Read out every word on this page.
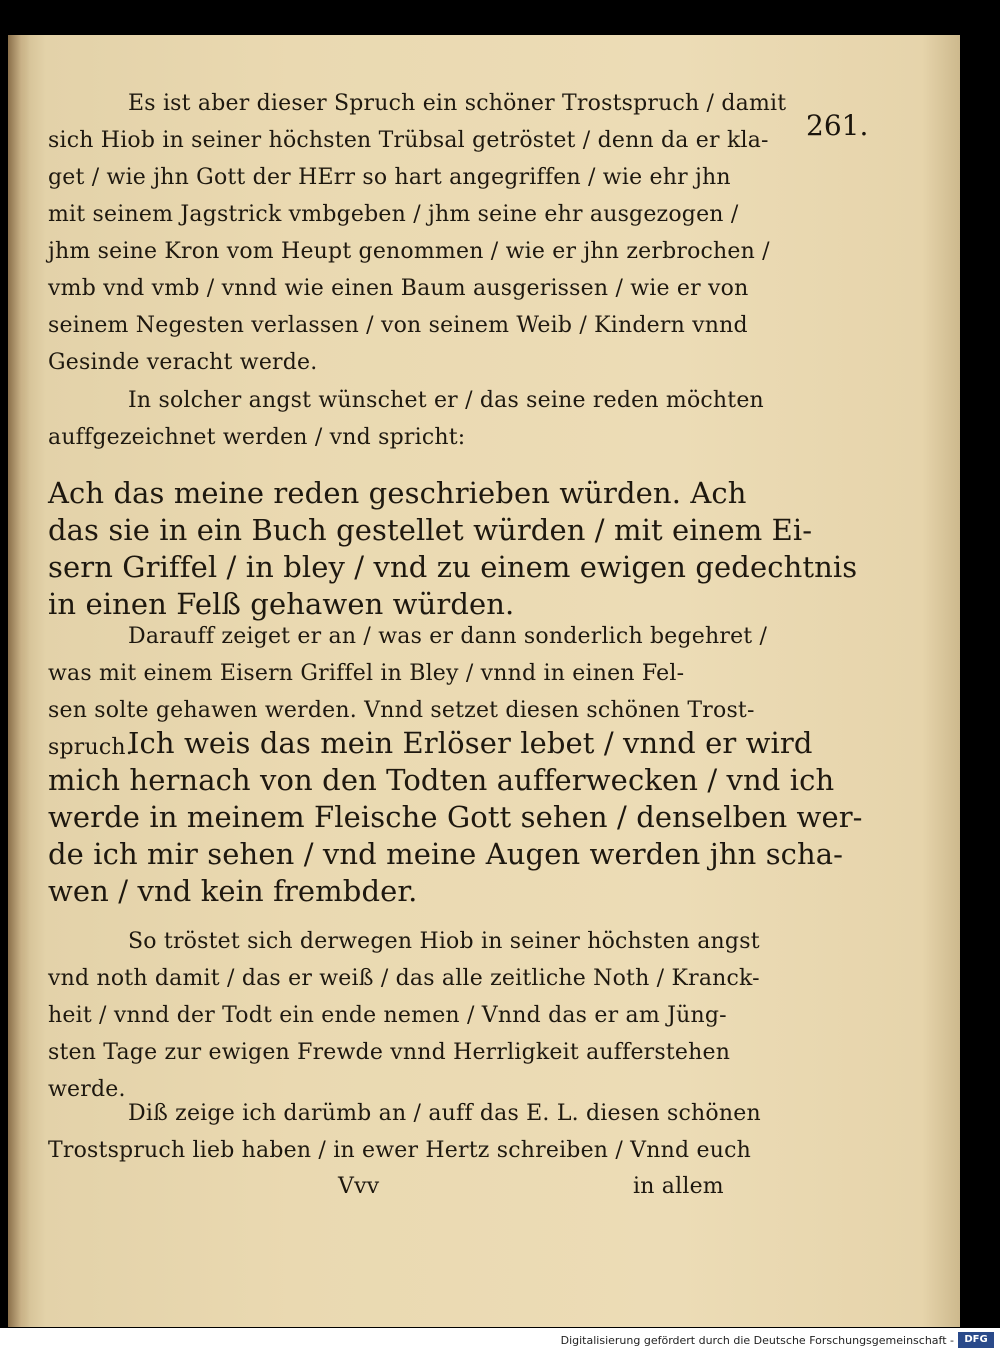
261.
Es ist aber dieser Spruch ein schöner Trostspruch / damit
sich Hiob in seiner höchsten Trübsal getröstet / denn da er kla-
get / wie jhn Gott der HErr so hart angegriffen / wie ehr jhn
mit seinem Jagstrick vmbgeben / jhm seine ehr ausgezogen /
jhm seine Kron vom Heupt genommen / wie er jhn zerbrochen /
vmb vnd vmb / vnnd wie einen Baum ausgerissen / wie er von
seinem Negesten verlassen / von seinem Weib / Kindern vnnd
Gesinde veracht werde.
In solcher angst wünschet er / das seine reden möchten
auffgezeichnet werden / vnd spricht:
Ach das meine reden geschrieben würden. Ach
das sie in ein Buch gestellet würden / mit einem Ei-
sern Griffel / in bley / vnd zu einem ewigen gedechtnis
in einen Felß gehawen würden.
Darauff zeiget er an / was er dann sonderlich begehret /
was mit einem Eisern Griffel in Bley / vnnd in einen Fel-
sen solte gehawen werden. Vnnd setzet diesen schönen Trost-
spruch.
Ich weis das mein Erlöser lebet / vnnd er wird
mich hernach von den Todten aufferwecken / vnd ich
werde in meinem Fleische Gott sehen / denselben wer-
de ich mir sehen / vnd meine Augen werden jhn scha-
wen / vnd kein frembder.
So tröstet sich derwegen Hiob in seiner höchsten angst
vnd noth damit / das er weiß / das alle zeitliche Noth / Kranck-
heit / vnnd der Todt ein ende nemen / Vnnd das er am Jüng-
sten Tage zur ewigen Frewde vnnd Herrligkeit aufferstehen
werde.
Diß zeige ich darümb an / auff das E. L. diesen schönen
Trostspruch lieb haben / in ewer Hertz schreiben / Vnnd euch
Vvv	in allem
Digitalisierung gefördert durch die Deutsche Forschungsgemeinschaft -	DFG
